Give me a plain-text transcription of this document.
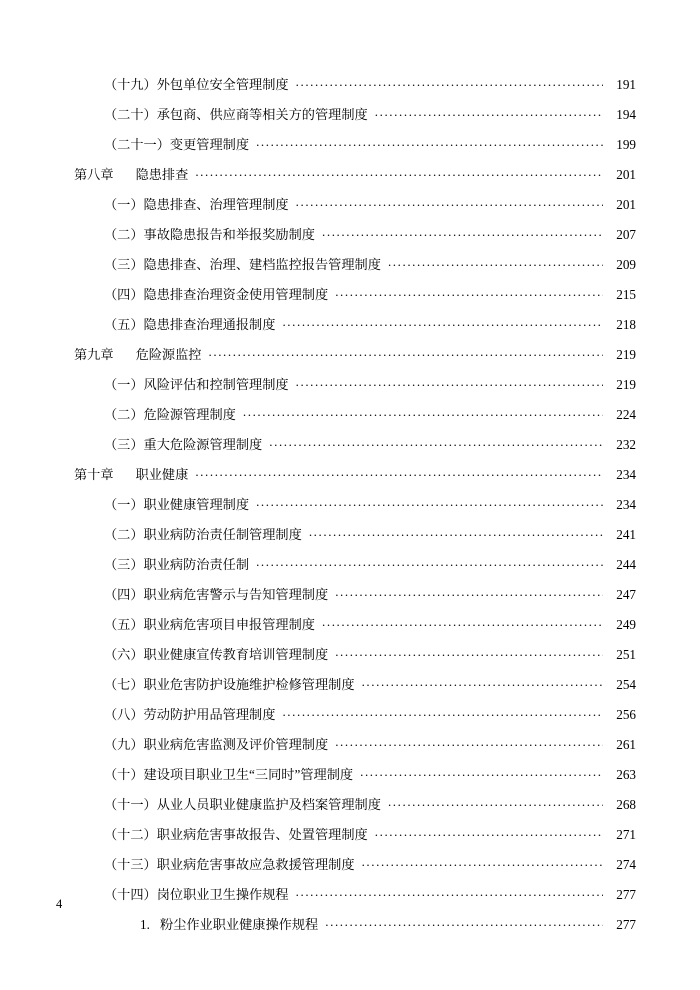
（十九）外包单位安全管理制度 .....	191
（二十）承包商、供应商等相关方的管理制度 .....	194
（二十一）变更管理制度 .....	199
第八章 隐患排查 .....	201
（一）隐患排查、治理管理制度 .....	201
（二）事故隐患报告和举报奖励制度 .....	207
（三）隐患排查、治理、建档监控报告管理制度 .....	209
（四）隐患排查治理资金使用管理制度 .....	215
（五）隐患排查治理通报制度 .....	218
第九章 危险源监控 .....	219
（一）风险评估和控制管理制度 .....	219
（二）危险源管理制度 .....	224
（三）重大危险源管理制度 .....	232
第十章 职业健康 .....	234
（一）职业健康管理制度 .....	234
（二）职业病防治责任制管理制度 .....	241
（三）职业病防治责任制 .....	244
（四）职业病危害警示与告知管理制度 .....	247
（五）职业病危害项目申报管理制度 .....	249
（六）职业健康宣传教育培训管理制度 .....	251
（七）职业危害防护设施维护检修管理制度 .....	254
（八）劳动防护用品管理制度 .....	256
（九）职业病危害监测及评价管理制度 .....	261
（十）建设项目职业卫生“三同时”管理制度 .....	263
（十一）从业人员职业健康监护及档案管理制度 .....	268
（十二）职业病危害事故报告、处置管理制度 .....	271
（十三）职业病危害事故应急救援管理制度 .....	274
（十四）岗位职业卫生操作规程 .....	277
1. 粉尘作业职业健康操作规程 .....	277
4
